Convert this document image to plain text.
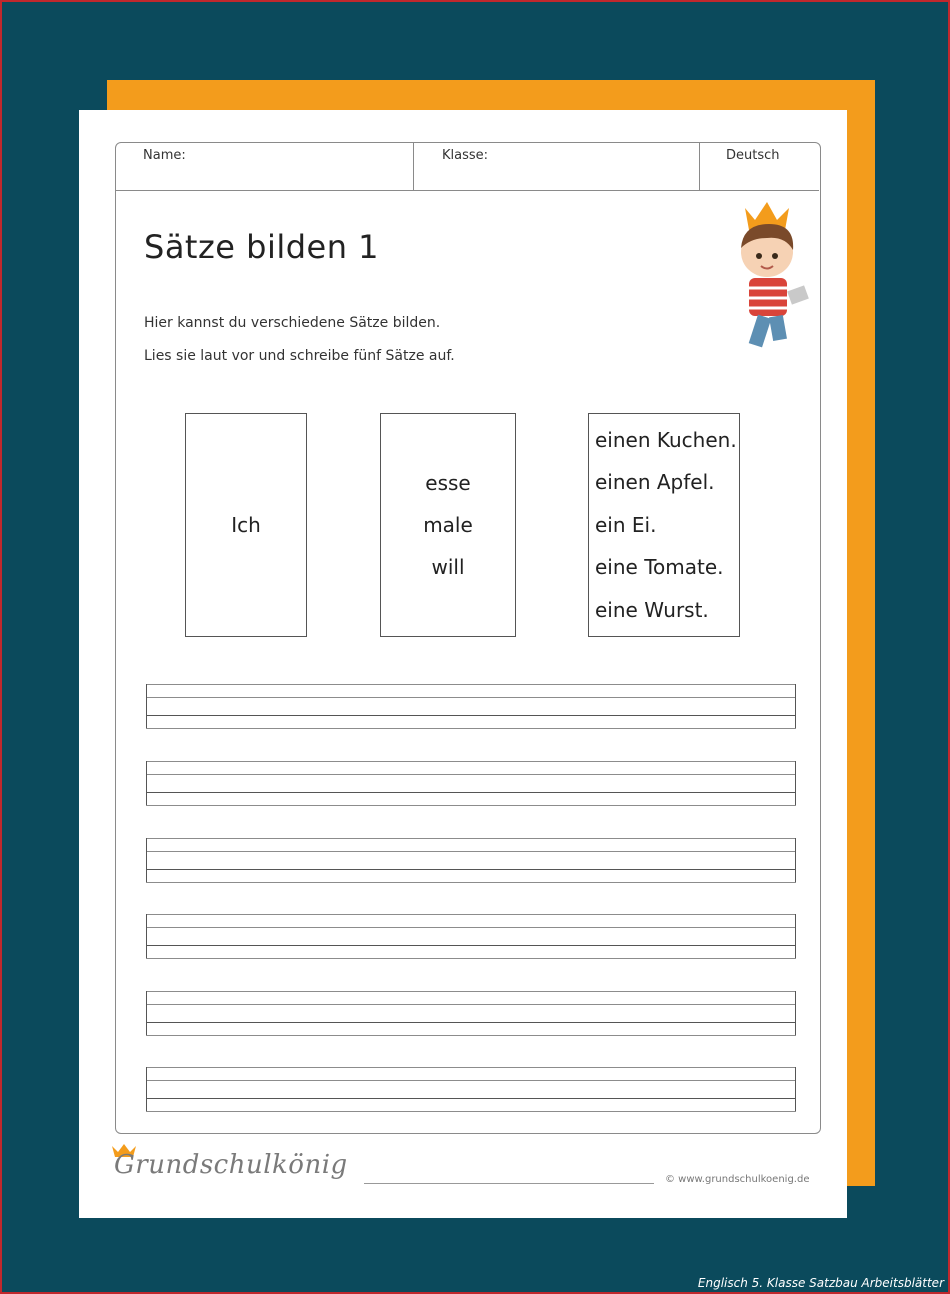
Name:	Klasse:	Deutsch
Sätze bilden 1
Hier kannst du verschiedene Sätze bilden.
Lies sie laut vor und schreibe fünf Sätze auf.
Ich
esse
male
will
einen Kuchen.
einen Apfel.
ein Ei.
eine Tomate.
eine Wurst.
Grundschulkönig	© www.grundschulkoenig.de
Englisch 5. Klasse Satzbau Arbeitsblätter
